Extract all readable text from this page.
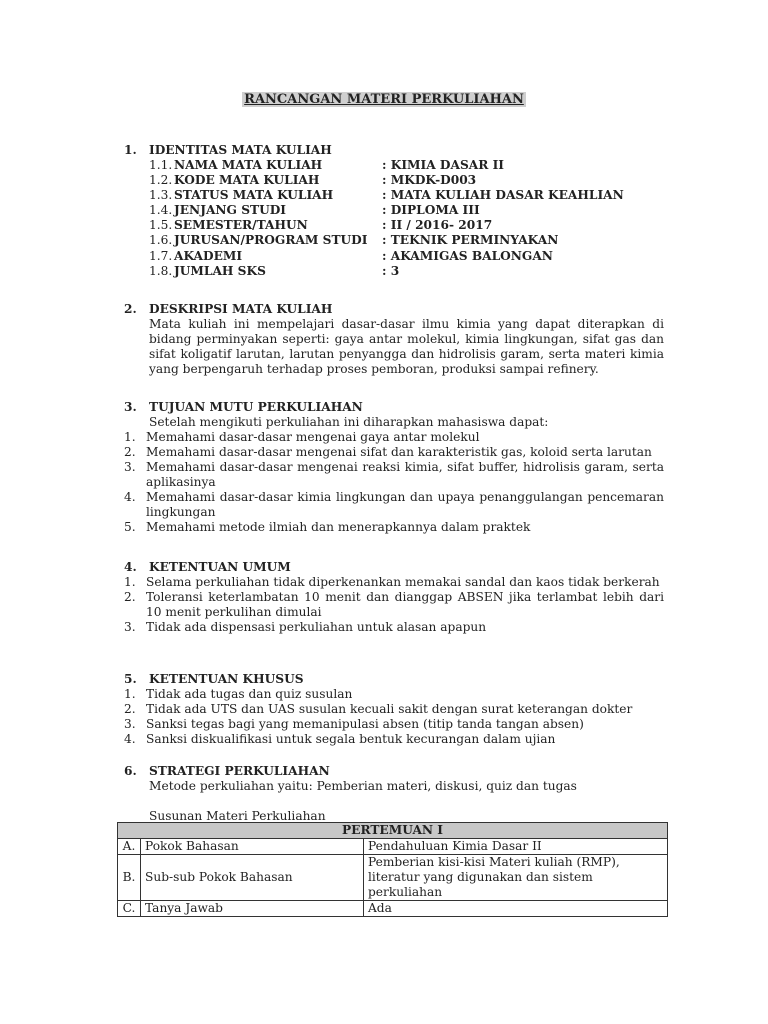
RANCANGAN MATERI PERKULIAHAN
1.	IDENTITAS MATA KULIAH
1.1. NAMA MATA KULIAH	: KIMIA DASAR II
1.2. KODE MATA KULIAH	: MKDK-D003
1.3. STATUS MATA KULIAH	: MATA KULIAH DASAR KEAHLIAN
1.4. JENJANG STUDI	: DIPLOMA III
1.5. SEMESTER/TAHUN	: II / 2016- 2017
1.6. JURUSAN/PROGRAM STUDI	: TEKNIK PERMINYAKAN
1.7. AKADEMI	: AKAMIGAS BALONGAN
1.8. JUMLAH SKS	: 3
2.	DESKRIPSI MATA KULIAH
Mata kuliah ini mempelajari dasar-dasar ilmu kimia yang dapat diterapkan di bidang perminyakan seperti: gaya antar molekul, kimia lingkungan, sifat gas dan sifat koligatif larutan, larutan penyangga dan hidrolisis garam, serta materi kimia yang berpengaruh terhadap proses pemboran, produksi sampai refinery.
3.	TUJUAN MUTU PERKULIAHAN
Setelah mengikuti perkuliahan ini diharapkan mahasiswa dapat:
1. Memahami dasar-dasar mengenai gaya antar molekul
2. Memahami dasar-dasar mengenai sifat dan karakteristik gas, koloid serta larutan
3. Memahami dasar-dasar mengenai reaksi kimia, sifat buffer, hidrolisis garam, serta aplikasinya
4. Memahami dasar-dasar kimia lingkungan dan upaya penanggulangan pencemaran lingkungan
5. Memahami metode ilmiah dan menerapkannya dalam praktek
4.	KETENTUAN UMUM
1. Selama perkuliahan tidak diperkenankan memakai sandal dan kaos tidak berkerah
2. Toleransi keterlambatan 10 menit dan dianggap ABSEN jika terlambat lebih dari 10 menit perkulihan dimulai
3. Tidak ada dispensasi perkuliahan untuk alasan apapun
5.	KETENTUAN KHUSUS
1. Tidak ada tugas dan quiz susulan
2. Tidak ada UTS dan UAS susulan kecuali sakit dengan surat keterangan dokter
3. Sanksi tegas bagi yang memanipulasi absen (titip tanda tangan absen)
4. Sanksi diskualifikasi untuk segala bentuk kecurangan dalam ujian
6.	STRATEGI PERKULIAHAN
Metode perkuliahan yaitu: Pemberian materi, diskusi, quiz dan tugas
Susunan Materi Perkuliahan
PERTEMUAN I		
A.	Pokok Bahasan	Pendahuluan Kimia Dasar II
B.	Sub-sub Pokok Bahasan	Pemberian kisi-kisi Materi kuliah (RMP), literatur yang digunakan dan sistem perkuliahan
C.	Tanya Jawab	Ada
